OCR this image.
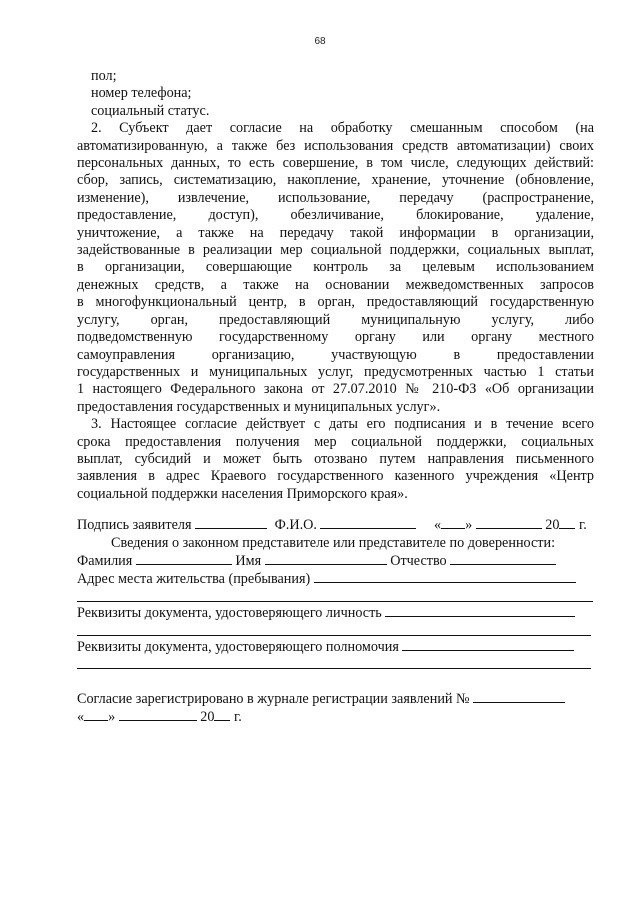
68
пол;
номер телефона;
социальный статус.
2. Субъект дает согласие на обработку смешанным способом (на
автоматизированную, а также без использования средств автоматизации) своих
персональных данных, то есть совершение, в том числе, следующих действий:
сбор, запись, систематизацию, накопление, хранение, уточнение (обновление,
изменение), извлечение, использование, передачу (распространение,
предоставление, доступ), обезличивание, блокирование, удаление,
уничтожение, а также на передачу такой информации в организации,
задействованные в реализации мер социальной поддержки, социальных выплат,
в организации, совершающие контроль за целевым использованием
денежных средств, а также на основании межведомственных запросов
в многофункциональный центр, в орган, предоставляющий государственную
услугу, орган, предоставляющий муниципальную услугу, либо
подведомственную государственному органу или органу местного
самоуправления организацию, участвующую в предоставлении
государственных и муниципальных услуг, предусмотренных частью 1 статьи
1 настоящего Федерального закона от 27.07.2010 № 210-ФЗ «Об организации
предоставления государственных и муниципальных услуг».
3. Настоящее согласие действует с даты его подписания и в течение всего
срока предоставления получения мер социальной поддержки, социальных
выплат, субсидий и может быть отозвано путем направления письменного
заявления в адрес Краевого государственного казенного учреждения «Центр
социальной поддержки населения Приморского края».
Подпись заявителя	Ф.И.О.	« »	20 г.
Сведения о законном представителе или представителе по доверенности:
Фамилия	Имя	Отчество
Адрес места жительства (пребывания)
Реквизиты документа, удостоверяющего личность
Реквизиты документа, удостоверяющего полномочия
Согласие зарегистрировано в журнале регистрации заявлений №
« »	20 г.
